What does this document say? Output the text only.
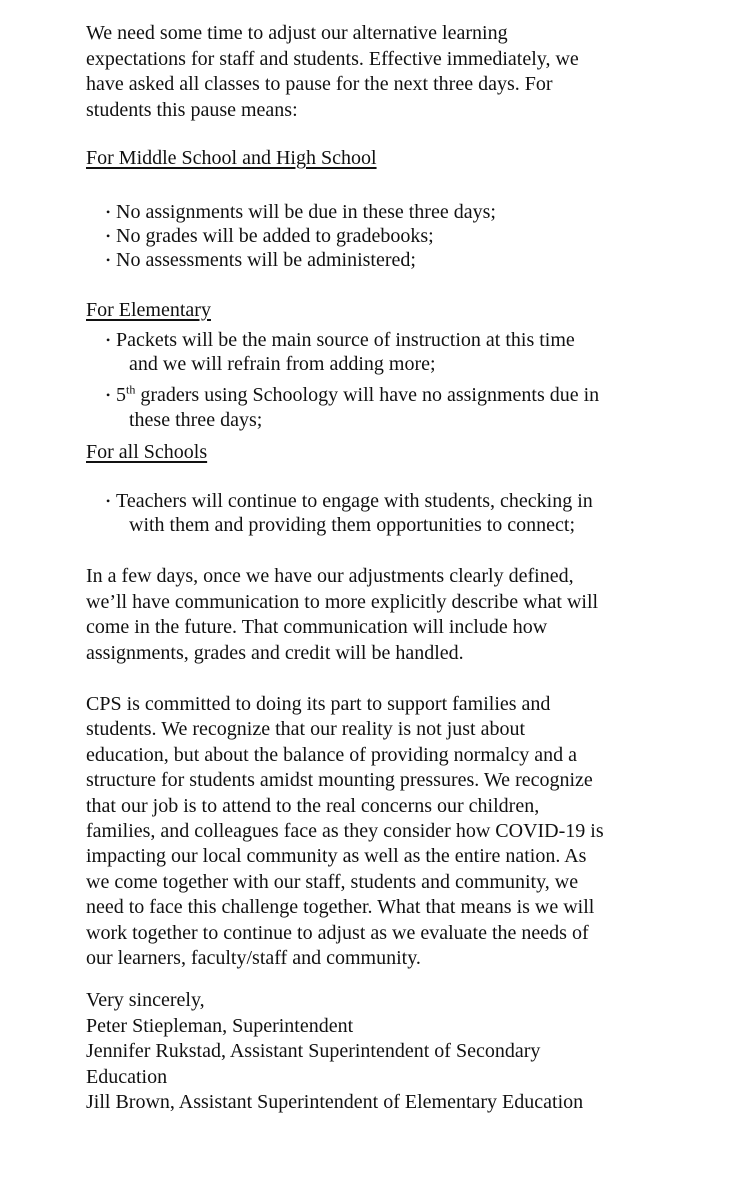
We need some time to adjust our alternative learning
expectations for staff and students. Effective immediately, we
have asked all classes to pause for the next three days. For
students this pause means:
For Middle School and High School
• No assignments will be due in these three days;
• No grades will be added to gradebooks;
• No assessments will be administered;
For Elementary
• Packets will be the main source of instruction at this time
and we will refrain from adding more;
• 5th graders using Schoology will have no assignments due in
these three days;
For all Schools
• Teachers will continue to engage with students, checking in
with them and providing them opportunities to connect;
In a few days, once we have our adjustments clearly defined,
we’ll have communication to more explicitly describe what will
come in the future. That communication will include how
assignments, grades and credit will be handled.
CPS is committed to doing its part to support families and
students. We recognize that our reality is not just about
education, but about the balance of providing normalcy and a
structure for students amidst mounting pressures. We recognize
that our job is to attend to the real concerns our children,
families, and colleagues face as they consider how COVID-19 is
impacting our local community as well as the entire nation. As
we come together with our staff, students and community, we
need to face this challenge together. What that means is we will
work together to continue to adjust as we evaluate the needs of
our learners, faculty/staff and community.
Very sincerely,
Peter Stiepleman, Superintendent
Jennifer Rukstad, Assistant Superintendent of Secondary
Education
Jill Brown, Assistant Superintendent of Elementary Education
